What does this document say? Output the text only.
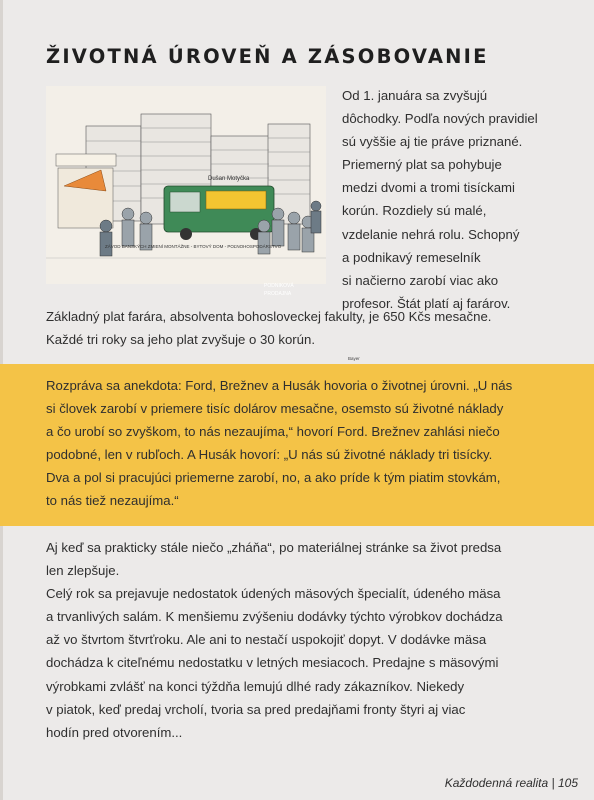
ŽIVOTNÁ ÚROVEŇ A ZÁSOBOVANIE
Dušan Motyčka
ZÁVOD BANSKÝCH ZMIENÍ MONTÁŽNE - BYTOVÝ DOM - POĽNOHOSPODÁRSTVO
PODNIKOVÁ
PRODAJNA
Bayer
Od 1. januára sa zvyšujú
dôchodky. Podľa nových pravidiel
sú vyššie aj tie práve priznané.
Priemerný plat sa pohybuje
medzi dvomi a tromi tisíckami
korún. Rozdiely sú malé,
vzdelanie nehrá rolu. Schopný
a podnikavý remeselník
si načierno zarobí viac ako
profesor. Štát platí aj farárov.
Základný plat farára, absolventa bohosloveckej fakulty, je 650 Kčs mesačne.
Každé tri roky sa jeho plat zvyšuje o 30 korún.
Rozpráva sa anekdota: Ford, Brežnev a Husák hovoria o životnej úrovni. „U nás
si človek zarobí v priemere tisíc dolárov mesačne, osemsto sú životné náklady
a čo urobí so zvyškom, to nás nezaujíma,“ hovorí Ford. Brežnev zahlási niečo
podobné, len v rubľoch. A Husák hovorí: „U nás sú životné náklady tri tisícky.
Dva a pol si pracujúci priemerne zarobí, no, a ako príde k tým piatim stovkám,
to nás tiež nezaujíma.“
Aj keď sa prakticky stále niečo „zháňa“, po materiálnej stránke sa život predsa
len zlepšuje.
Celý rok sa prejavuje nedostatok údených mäsových špecialít, údeného mäsa
a trvanlivých salám. K menšiemu zvýšeniu dodávky týchto výrobkov dochádza
až vo štvrtom štvrťroku. Ale ani to nestačí uspokojiť dopyt. V dodávke mäsa
dochádza k citeľnému nedostatku v letných mesiacoch. Predajne s mäsovými
výrobkami zvlášť na konci týždňa lemujú dlhé rady zákazníkov. Niekedy
v piatok, keď predaj vrcholí, tvoria sa pred predajňami fronty štyri aj viac
hodín pred otvorením...
Každodenná realita | 105
